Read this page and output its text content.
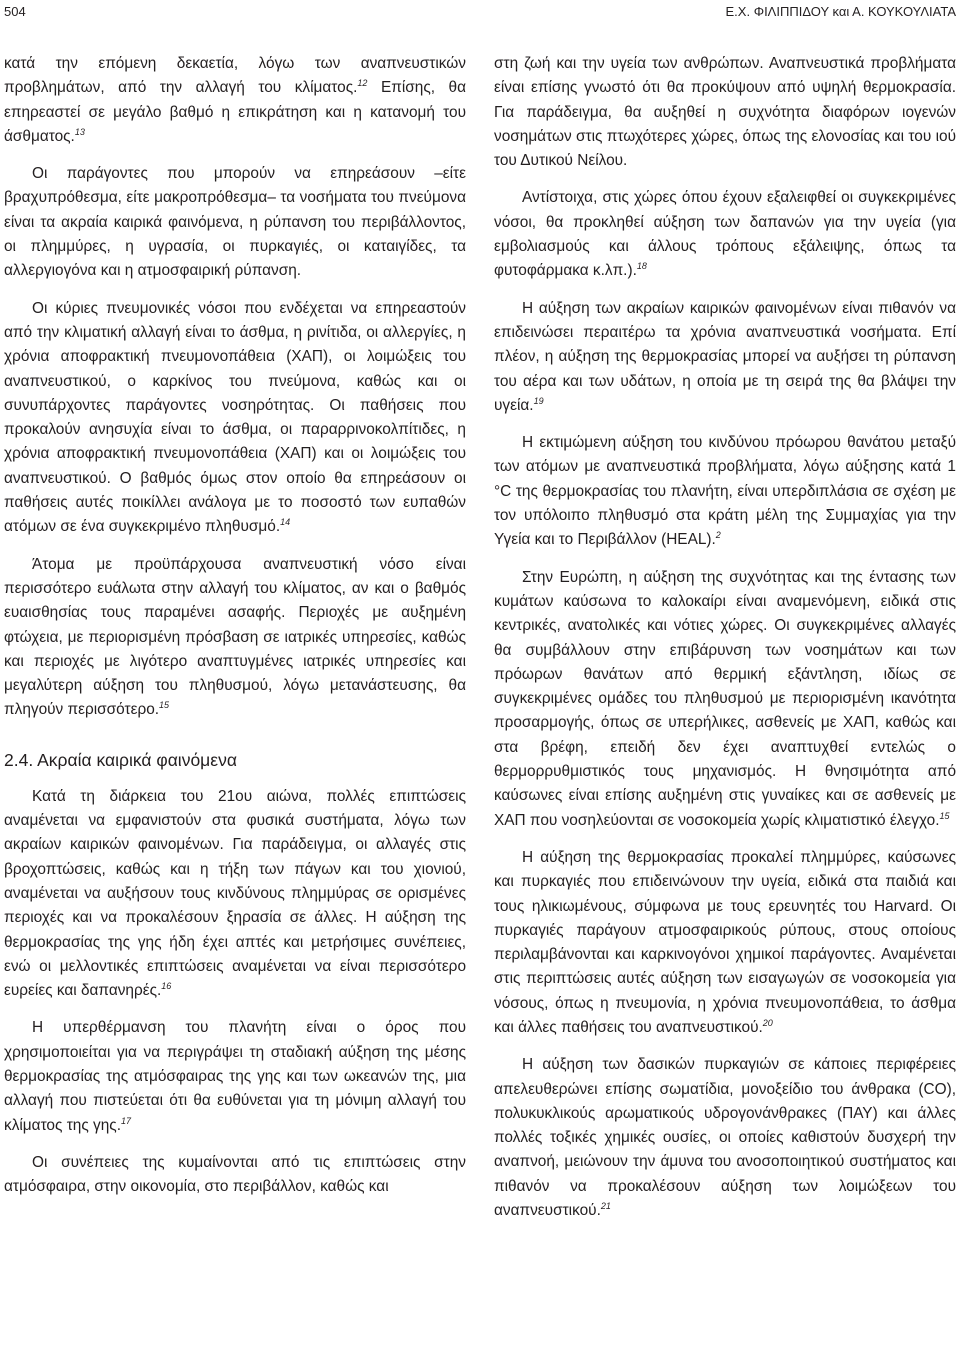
504	Ε.Χ. ΦΙΛΙΠΠΙΔΟΥ και Α. ΚΟΥΚΟΥΛΙΑΤΑ

κατά την επόμενη δεκαετία, λόγω των αναπνευστικών προβλημάτων, από την αλλαγή του κλίματος.$^{12}$ Επίσης, θα επηρεαστεί σε μεγάλο βαθμό η επικράτηση και η κατανομή του άσθματος.$^{13}$

Οι παράγοντες που μπορούν να επηρεάσουν –είτε βραχυπρόθεσμα, είτε μακροπρόθεσμα– τα νοσήματα του πνεύμονα είναι τα ακραία καιρικά φαινόμενα, η ρύπανση του περιβάλλοντος, οι πλημμύρες, η υγρασία, οι πυρκαγιές, οι καταιγίδες, τα αλλεργιογόνα και η ατμοσφαιρική ρύπανση.

Οι κύριες πνευμονικές νόσοι που ενδέχεται να επηρεαστούν από την κλιματική αλλαγή είναι το άσθμα, η ρινίτιδα, οι αλλεργίες, η χρόνια αποφρακτική πνευμονοπάθεια (ΧΑΠ), οι λοιμώξεις του αναπνευστικού, ο καρκίνος του πνεύμονα, καθώς και οι συνυπάρχοντες παράγοντες νοσηρότητας. Οι παθήσεις που προκαλούν ανησυχία είναι το άσθμα, οι παραρρινοκολπίτιδες, η χρόνια αποφρακτική πνευμονοπάθεια (ΧΑΠ) και οι λοιμώξεις του αναπνευστικού. Ο βαθμός όμως στον οποίο θα επηρεάσουν οι παθήσεις αυτές ποικίλλει ανάλογα με το ποσοστό των ευπαθών ατόμων σε ένα συγκεκριμένο πληθυσμό.$^{14}$

Άτομα με προϋπάρχουσα αναπνευστική νόσο είναι περισσότερο ευάλωτα στην αλλαγή του κλίματος, αν και ο βαθμός ευαισθησίας τους παραμένει ασαφής. Περιοχές με αυξημένη φτώχεια, με περιορισμένη πρόσβαση σε ιατρικές υπηρεσίες, καθώς και περιοχές με λιγότερο αναπτυγμένες ιατρικές υπηρεσίες και μεγαλύτερη αύξηση του πληθυσμού, λόγω μετανάστευσης, θα πληγούν περισσότερο.$^{15}$

2.4. Ακραία καιρικά φαινόμενα

Κατά τη διάρκεια του 21ου αιώνα, πολλές επιπτώσεις αναμένεται να εμφανιστούν στα φυσικά συστήματα, λόγω των ακραίων καιρικών φαινομένων. Για παράδειγμα, οι αλλαγές στις βροχοπτώσεις, καθώς και η τήξη των πάγων και του χιονιού, αναμένεται να αυξήσουν τους κινδύνους πλημμύρας σε ορισμένες περιοχές και να προκαλέσουν ξηρασία σε άλλες. Η αύξηση της θερμοκρασίας της γης ήδη έχει απτές και μετρήσιμες συνέπειες, ενώ οι μελλοντικές επιπτώσεις αναμένεται να είναι περισσότερο ευρείες και δαπανηρές.$^{16}$

Η υπερθέρμανση του πλανήτη είναι ο όρος που χρησιμοποιείται για να περιγράψει τη σταδιακή αύξηση της μέσης θερμοκρασίας της ατμόσφαιρας της γης και των ωκεανών της, μια αλλαγή που πιστεύεται ότι θα ευθύνεται για τη μόνιμη αλλαγή του κλίματος της γης.$^{17}$

Οι συνέπειες της κυμαίνονται από τις επιπτώσεις στην ατμόσφαιρα, στην οικονομία, στο περιβάλλον, καθώς και

στη ζωή και την υγεία των ανθρώπων. Αναπνευστικά προβλήματα είναι επίσης γνωστό ότι θα προκύψουν από υψηλή θερμοκρασία. Για παράδειγμα, θα αυξηθεί η συχνότητα διαφόρων ιογενών νοσημάτων στις πτωχότερες χώρες, όπως της ελονοσίας και του ιού του Δυτικού Νείλου.

Αντίστοιχα, στις χώρες όπου έχουν εξαλειφθεί οι συγκεκριμένες νόσοι, θα προκληθεί αύξηση των δαπανών για την υγεία (για εμβολιασμούς και άλλους τρόπους εξάλειψης, όπως τα φυτοφάρμακα κ.λπ.).$^{18}$

Η αύξηση των ακραίων καιρικών φαινομένων είναι πιθανόν να επιδεινώσει περαιτέρω τα χρόνια αναπνευστικά νοσήματα. Επί πλέον, η αύξηση της θερμοκρασίας μπορεί να αυξήσει τη ρύπανση του αέρα και των υδάτων, η οποία με τη σειρά της θα βλάψει την υγεία.$^{19}$

Η εκτιμώμενη αύξηση του κινδύνου πρόωρου θανάτου μεταξύ των ατόμων με αναπνευστικά προβλήματα, λόγω αύξησης κατά 1 °C της θερμοκρασίας του πλανήτη, είναι υπερδιπλάσια σε σχέση με τον υπόλοιπο πληθυσμό στα κράτη μέλη της Συμμαχίας για την Υγεία και το Περιβάλλον (HEAL).$^2$

Στην Ευρώπη, η αύξηση της συχνότητας και της έντασης των κυμάτων καύσωνα το καλοκαίρι είναι αναμενόμενη, ειδικά στις κεντρικές, ανατολικές και νότιες χώρες. Οι συγκεκριμένες αλλαγές θα συμβάλλουν στην επιβάρυνση των νοσημάτων και των πρόωρων θανάτων από θερμική εξάντληση, ιδίως σε συγκεκριμένες ομάδες του πληθυσμού με περιορισμένη ικανότητα προσαρμογής, όπως σε υπερήλικες, ασθενείς με ΧΑΠ, καθώς και στα βρέφη, επειδή δεν έχει αναπτυχθεί εντελώς ο θερμορρυθμιστικός τους μηχανισμός. Η θνησιμότητα από καύσωνες είναι επίσης αυξημένη στις γυναίκες και σε ασθενείς με ΧΑΠ που νοσηλεύονται σε νοσοκομεία χωρίς κλιματιστικό έλεγχο.$^{15}$

Η αύξηση της θερμοκρασίας προκαλεί πλημμύρες, καύσωνες και πυρκαγιές που επιδεινώνουν την υγεία, ειδικά στα παιδιά και τους ηλικιωμένους, σύμφωνα με τους ερευνητές του Harvard. Οι πυρκαγιές παράγουν ατμοσφαιρικούς ρύπους, στους οποίους περιλαμβάνονται και καρκινογόνοι χημικοί παράγοντες. Αναμένεται στις περιπτώσεις αυτές αύξηση των εισαγωγών σε νοσοκομεία για νόσους, όπως η πνευμονία, η χρόνια πνευμονοπάθεια, το άσθμα και άλλες παθήσεις του αναπνευστικού.$^{20}$

Η αύξηση των δασικών πυρκαγιών σε κάποιες περιφέρειες απελευθερώνει επίσης σωματίδια, μονοξείδιο του άνθρακα (CO), πολυκυκλικούς αρωματικούς υδρογονάνθρακες (ΠΑΥ) και άλλες πολλές τοξικές χημικές ουσίες, οι οποίες καθιστούν δυσχερή την αναπνοή, μειώνουν την άμυνα του ανοσοποιητικού συστήματος και πιθανόν να προκαλέσουν αύξηση των λοιμώξεων του αναπνευστικού.$^{21}$
